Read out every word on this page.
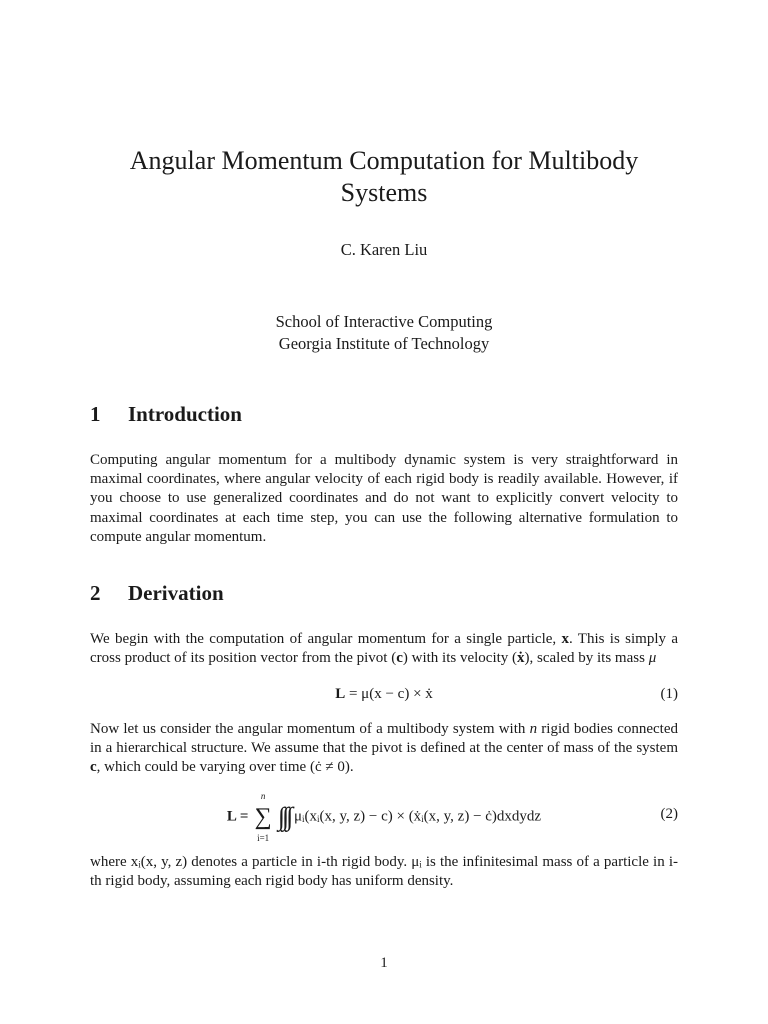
Angular Momentum Computation for Multibody Systems
C. Karen Liu
School of Interactive Computing
Georgia Institute of Technology
1 Introduction
Computing angular momentum for a multibody dynamic system is very straightforward in maximal coordinates, where angular velocity of each rigid body is readily available. However, if you choose to use generalized coordinates and do not want to explicitly convert velocity to maximal coordinates at each time step, you can use the following alternative formulation to compute angular momentum.
2 Derivation
We begin with the computation of angular momentum for a single particle, x. This is simply a cross product of its position vector from the pivot (c) with its velocity (ẋ), scaled by its mass μ
L = μ(x − c) × ẋ	(1)
Now let us consider the angular momentum of a multibody system with n rigid bodies connected in a hierarchical structure. We assume that the pivot is defined at the center of mass of the system c, which could be varying over time (ċ ≠ 0).
L =
n
∑
i=1
∫∫∫ μᵢ(xᵢ(x, y, z) − c) × (ẋᵢ(x, y, z) − ċ)dxdydz	(2)
where xᵢ(x, y, z) denotes a particle in i-th rigid body. μᵢ is the infinitesimal mass of a particle in i-th rigid body, assuming each rigid body has uniform density.
1
